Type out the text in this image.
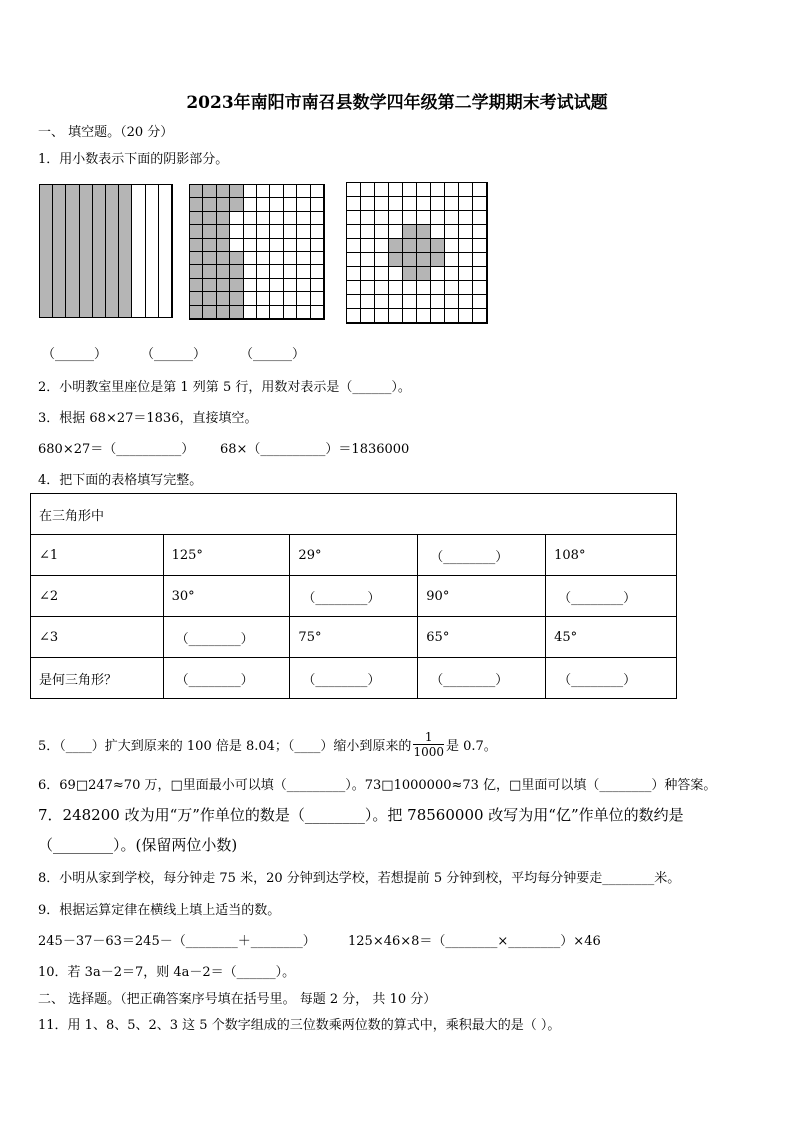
2023年南阳市南召县数学四年级第二学期期末考试试题
一、 填空题。（20 分）
1．用小数表示下面的阴影部分。
（______）	（______）	（______）
2．小明教室里座位是第 1 列第 5 行，用数对表示是（______）。
3．根据 68×27＝1836，直接填空。
680×27＝（__________） 68×（__________）＝1836000
4．把下面的表格填写完整。
在三角形中				
∠1	125°	29°	（________）	108°
∠2	30°	（________）	90°	（________）
∠3	（________）	75°	65°	45°
是何三角形？	（________）	（________）	（________）	（________）
5．（____）扩大到原来的 100 倍是 8.04；（____）缩小到原来的 $\frac{1}{1000}$ 是 0.7。
6．69□247≈70 万，□里面最小可以填（_________）。73□1000000≈73 亿，□里面可以填（________）种答案。
7．248200 改为用“万”作单位的数是（________）。把 78560000 改写为用“亿”作单位的数约是
（________）。(保留两位小数)
8．小明从家到学校，每分钟走 75 米，20 分钟到达学校，若想提前 5 分钟到校，平均每分钟要走________米。
9．根据运算定律在横线上填上适当的数。
245－37－63＝245－（________＋________） 125×46×8＝（________×________）×46
10．若 3a－2＝7，则 4a－2＝（______）。
二、 选择题。（把正确答案序号填在括号里。 每题 2 分， 共 10 分）
11．用 1、8、5、2、3 这 5 个数字组成的三位数乘两位数的算式中，乘积最大的是（ ）。
